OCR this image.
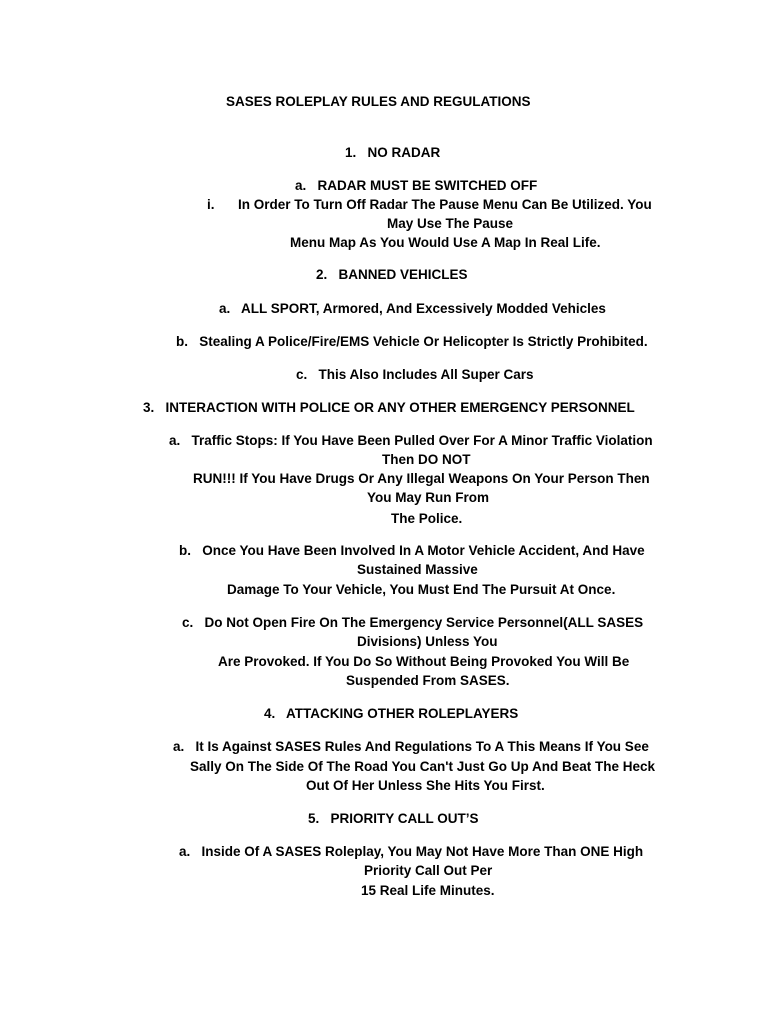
SASES ROLEPLAY RULES AND REGULATIONS

1.   NO RADAR

a.   RADAR MUST BE SWITCHED OFF

i. In Order To Turn Off Radar The Pause Menu Can Be Utilized. You

May Use The Pause

Menu Map As You Would Use A Map In Real Life.

2.   BANNED VEHICLES

a.   ALL SPORT, Armored, And Excessively Modded Vehicles

b.   Stealing A Police/Fire/EMS Vehicle Or Helicopter Is Strictly Prohibited.

c.   This Also Includes All Super Cars

3.   INTERACTION WITH POLICE OR ANY OTHER EMERGENCY PERSONNEL

a.   Traffic Stops: If You Have Been Pulled Over For A Minor Traffic Violation

Then DO NOT

RUN!!! If You Have Drugs Or Any Illegal Weapons On Your Person Then

You May Run From

The Police.

b.   Once You Have Been Involved In A Motor Vehicle Accident, And Have

Sustained Massive

Damage To Your Vehicle, You Must End The Pursuit At Once.

c.   Do Not Open Fire On The Emergency Service Personnel(ALL SASES

Divisions) Unless You

Are Provoked. If You Do So Without Being Provoked You Will Be

Suspended From SASES.

4.   ATTACKING OTHER ROLEPLAYERS

a.   It Is Against SASES Rules And Regulations To A This Means If You See

Sally On The Side Of The Road You Can't Just Go Up And Beat The Heck

Out Of Her Unless She Hits You First.

5.   PRIORITY CALL OUT’S

a.   Inside Of A SASES Roleplay, You May Not Have More Than ONE High

Priority Call Out Per

15 Real Life Minutes.
